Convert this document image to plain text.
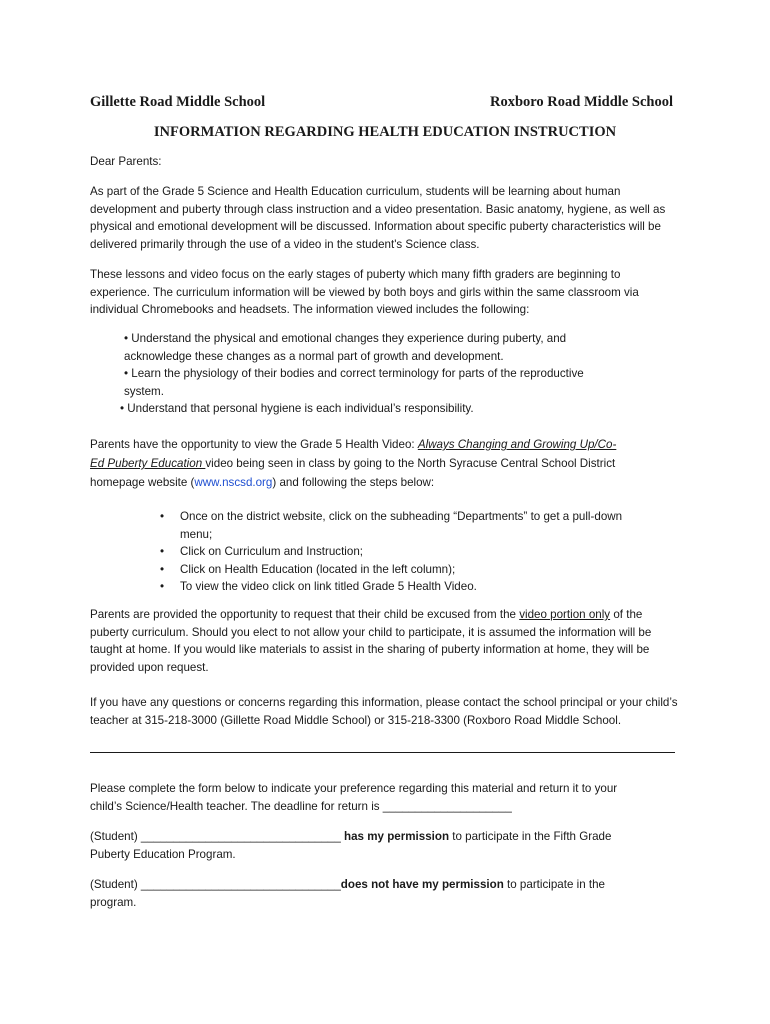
Gillette Road Middle School	Roxboro Road Middle School
INFORMATION REGARDING HEALTH EDUCATION INSTRUCTION

Dear Parents:

As part of the Grade 5 Science and Health Education curriculum, students will be learning about human development and puberty through class instruction and a video presentation. Basic anatomy, hygiene, as well as physical and emotional development will be discussed. Information about specific puberty characteristics will be delivered primarily through the use of a video in the student's Science class.

These lessons and video focus on the early stages of puberty which many fifth graders are beginning to experience. The curriculum information will be viewed by both boys and girls within the same classroom via individual Chromebooks and headsets. The information viewed includes the following:

• Understand the physical and emotional changes they experience during puberty, and
acknowledge these changes as a normal part of growth and development.
• Learn the physiology of their bodies and correct terminology for parts of the reproductive
system.
• Understand that personal hygiene is each individual’s responsibility.

Parents have the opportunity to view the Grade 5 Health Video: Always Changing and Growing Up/Co-
Ed Puberty Education video being seen in class by going to the North Syracuse Central School District
homepage website (www.nscsd.org) and following the steps below:

• Once on the district website, click on the subheading “Departments” to get a pull-down
menu;
• Click on Curriculum and Instruction;
• Click on Health Education (located in the left column);
• To view the video click on link titled Grade 5 Health Video.

Parents are provided the opportunity to request that their child be excused from the video portion only of the puberty curriculum. Should you elect to not allow your child to participate, it is assumed the information will be taught at home. If you would like materials to assist in the sharing of puberty information at home, they will be provided upon request.

If you have any questions or concerns regarding this information, please contact the school principal or your child’s teacher at 315-218-3000 (Gillette Road Middle School) or 315-218-3300 (Roxboro Road Middle School.

Please complete the form below to indicate your preference regarding this material and return it to your
child’s Science/Health teacher. The deadline for return is ____________________

(Student) _______________________________ has my permission to participate in the Fifth Grade
Puberty Education Program.

(Student) _______________________________does not have my permission to participate in the
program.
